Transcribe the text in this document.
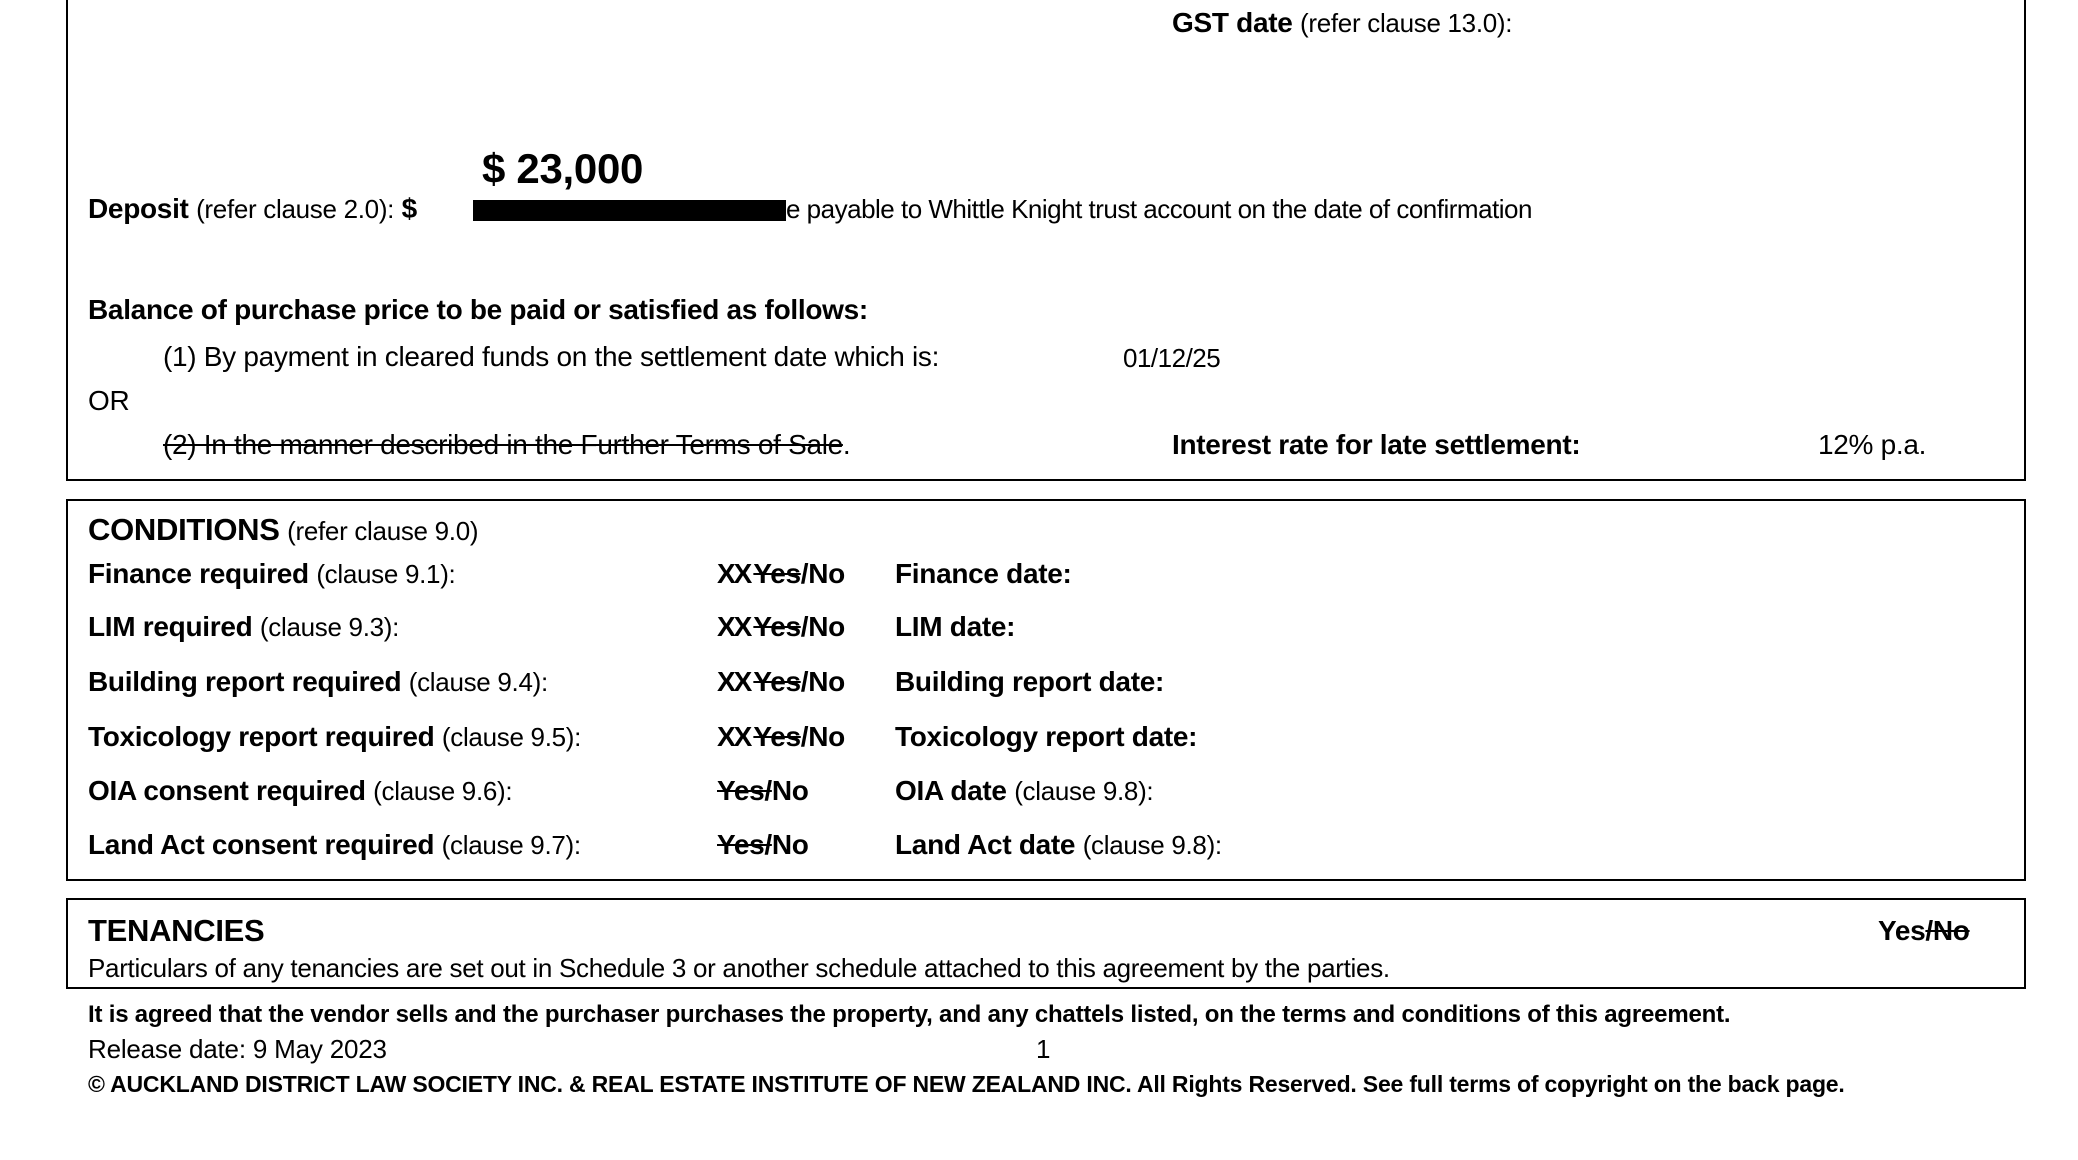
GST date (refer clause 13.0):
$ 23,000
Deposit (refer clause 2.0): $	e payable to Whittle Knight trust account on the date of confirmation
Balance of purchase price to be paid or satisfied as follows:
(1) By payment in cleared funds on the settlement date which is:	01/12/25
OR
(2) In the manner described in the Further Terms of Sale.	Interest rate for late settlement:	12% p.a.
CONDITIONS (refer clause 9.0)
Finance required (clause 9.1):	XX Yes/No Finance date:
LIM required (clause 9.3):	XX Yes/No LIM date:
Building report required (clause 9.4):	XX Yes/No Building report date:
Toxicology report required (clause 9.5):	XX Yes/No Toxicology report date:
OIA consent required (clause 9.6):	Yes/No	OIA date (clause 9.8):
Land Act consent required (clause 9.7):	Yes/No	Land Act date (clause 9.8):
TENANCIES	Yes/No
Particulars of any tenancies are set out in Schedule 3 or another schedule attached to this agreement by the parties.
It is agreed that the vendor sells and the purchaser purchases the property, and any chattels listed, on the terms and conditions of this agreement.
Release date: 9 May 2023	1
© AUCKLAND DISTRICT LAW SOCIETY INC. & REAL ESTATE INSTITUTE OF NEW ZEALAND INC. All Rights Reserved. See full terms of copyright on the back page.
